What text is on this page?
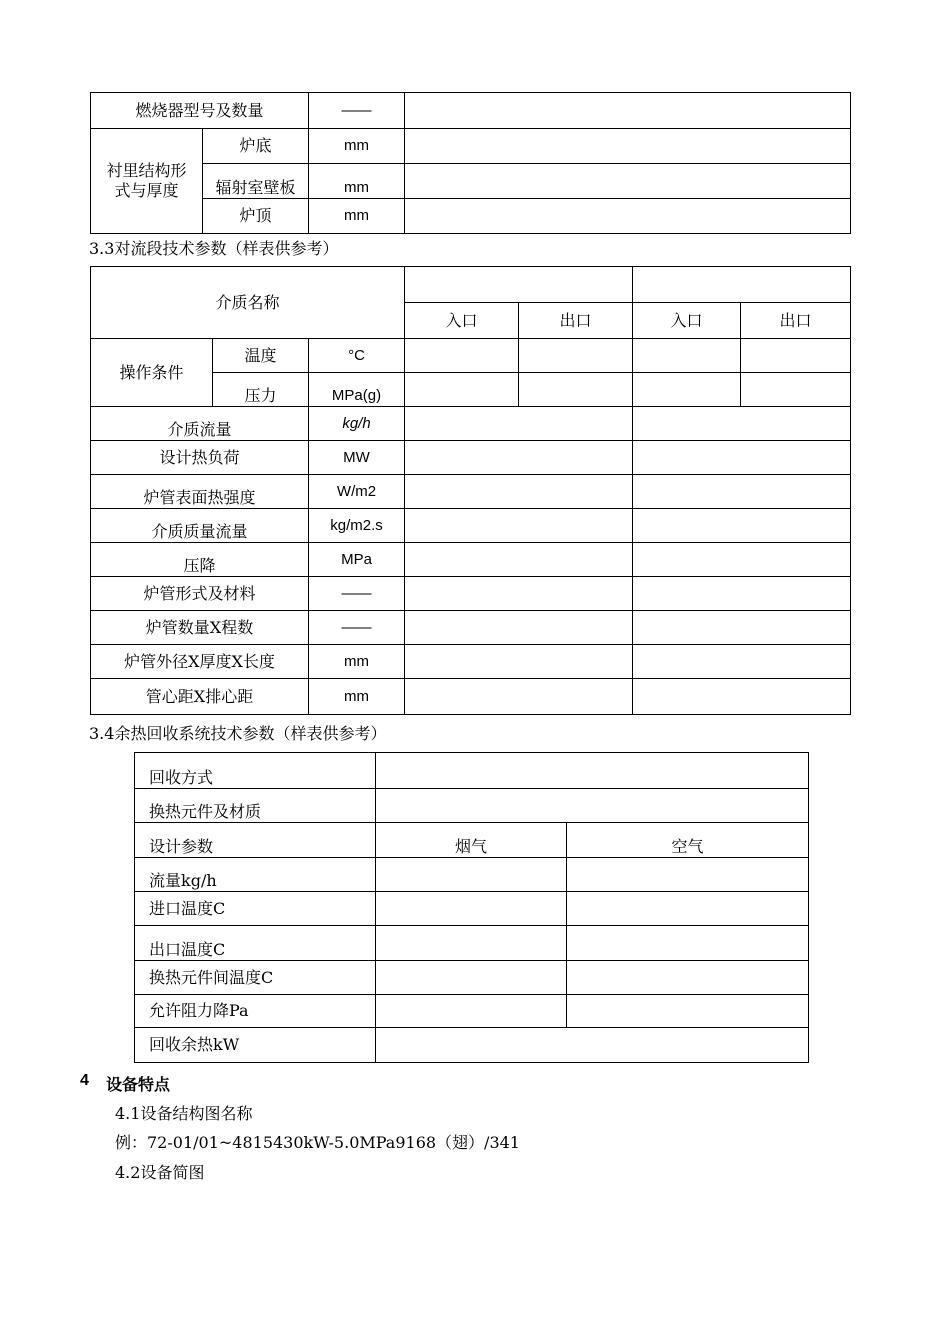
燃烧器型号及数量		——	
衬里结构形式与厚度	炉底	mm	
	辐射室壁板	mm	
	炉顶	mm	
3.3对流段技术参数（样表供参考）
介质名称						
			入口	出口	入口	出口
操作条件	温度	°C				
	压力	MPa(g)				
介质流量		kg/h				
设计热负荷		MW				
炉管表面热强度		W/m2				
介质质量流量		kg/m2.s				
压降		MPa				
炉管形式及材料		——				
炉管数量X程数		——				
炉管外径X厚度X长度		mm				
管心距X排心距		mm				
3.4余热回收系统技术参数（样表供参考）
回收方式		
换热元件及材质		
设计参数	烟气	空气
流量kg/h		
进口温度C		
出口温度C		
换热元件间温度C		
允许阻力降Pa		
回收余热kW		
4 设备特点
4.1设备结构图名称
例：72-01/01~4815430kW-5.0MPa9168（翅）/341
4.2设备简图
